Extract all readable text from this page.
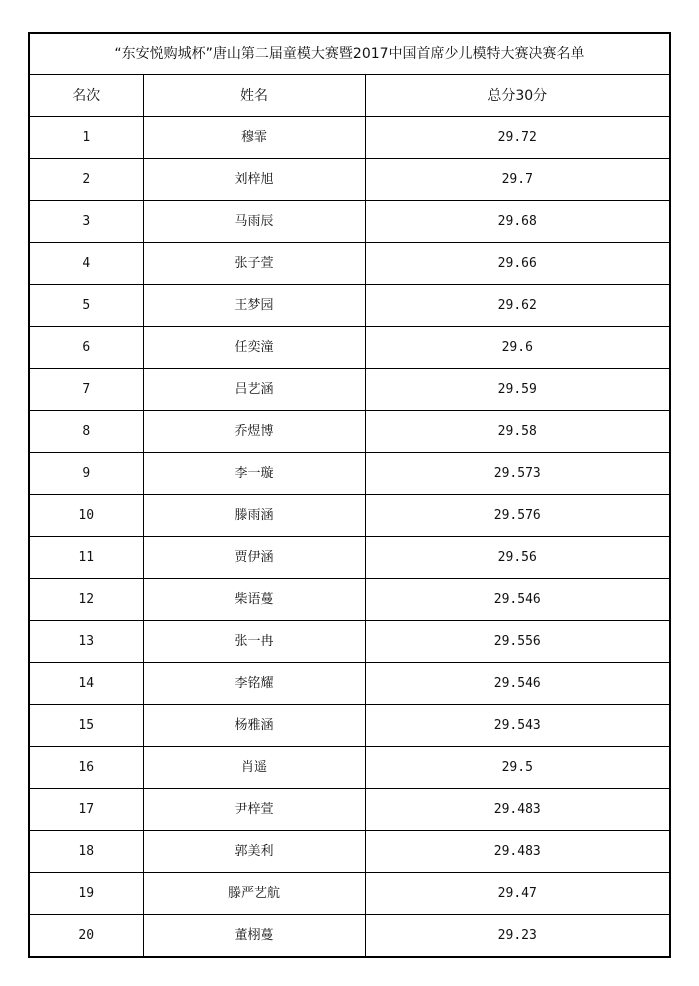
“东安悦购城杯”唐山第二届童模大赛暨2017中国首席少儿模特大赛决赛名单		
名次	姓名	总分30分
1	穆霏	29.72
2	刘梓旭	29.7
3	马雨辰	29.68
4	张子萱	29.66
5	王梦园	29.62
6	任奕潼	29.6
7	吕艺涵	29.59
8	乔煜博	29.58
9	李一璇	29.573
10	滕雨涵	29.576
11	贾伊涵	29.56
12	柴语蔓	29.546
13	张一冉	29.556
14	李铭耀	29.546
15	杨雅涵	29.543
16	肖遥	29.5
17	尹梓萱	29.483
18	郭美利	29.483
19	滕严艺航	29.47
20	董栩蔓	29.23
